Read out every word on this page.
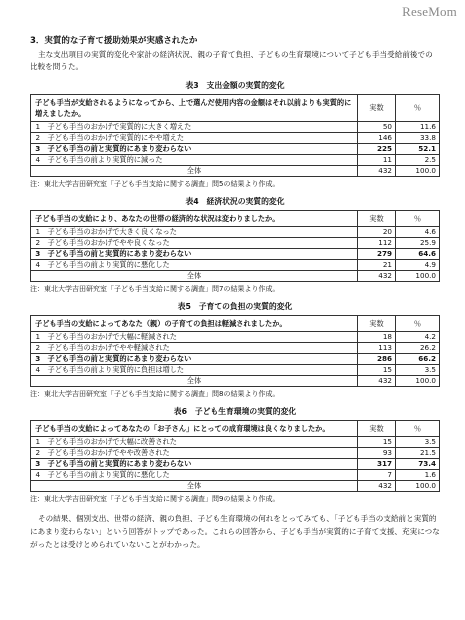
ReseMom
3．実質的な子育て援助効果が実感されたか
主な支出項目の実質的変化や家計の経済状況、親の子育て負担、子どもの生育環境について子ども手当受給前後での比較を問うた。
表3　支出金額の実質的変化
子ども手当が支給されるようになってから、上で選んだ使用内容の金額はそれ以前よりも実質的に増えましたか。		実数	％
1	子ども手当のおかげで実質的に大きく増えた	50	11.6
2	子ども手当のおかげで実質的にやや増えた	146	33.8
3	子ども手当の前と実質的にあまり変わらない	225	52.1
4	子ども手当の前より実質的に減った	11	2.5
全体		432	100.0
注：東北大学吉田研究室「子ども手当支給に関する調査」問5の結果より作成。
表4　経済状況の実質的変化
子ども手当の支給により、あなたの世帯の経済的な状況は変わりましたか。		実数	％
1	子ども手当のおかげで大きく良くなった	20	4.6
2	子ども手当のおかげでやや良くなった	112	25.9
3	子ども手当の前と実質的にあまり変わらない	279	64.6
4	子ども手当の前より実質的に悪化した	21	4.9
全体		432	100.0
注：東北大学吉田研究室「子ども手当支給に関する調査」問7の結果より作成。
表5　子育ての負担の実質的変化
子ども手当の支給によってあなた（親）の子育ての負担は軽減されましたか。		実数	％
1	子ども手当のおかげで大幅に軽減された	18	4.2
2	子ども手当のおかげでやや軽減された	113	26.2
3	子ども手当の前と実質的にあまり変わらない	286	66.2
4	子ども手当の前より実質的に負担は増した	15	3.5
全体		432	100.0
注：東北大学吉田研究室「子ども手当支給に関する調査」問8の結果より作成。
表6　子ども生育環境の実質的変化
子ども手当の支給によってあなたの「お子さん」にとっての成育環境は良くなりましたか。		実数	％
1	子ども手当のおかげで大幅に改善された	15	3.5
2	子ども手当のおかげでやや改善された	93	21.5
3	子ども手当の前と実質的にあまり変わらない	317	73.4
4	子ども手当の前より実質的に悪化した	7	1.6
全体		432	100.0
注：東北大学吉田研究室「子ども手当支給に関する調査」問9の結果より作成。
その結果、個別支出、世帯の経済、親の負担、子ども生育環境の何れをとってみても、「子ども手当の支給前と実質的にあまり変わらない」という回答がトップであった。これらの回答から、子ども手当が実質的に子育て支援、充実につながったとは受けとめられていないことがわかった。
